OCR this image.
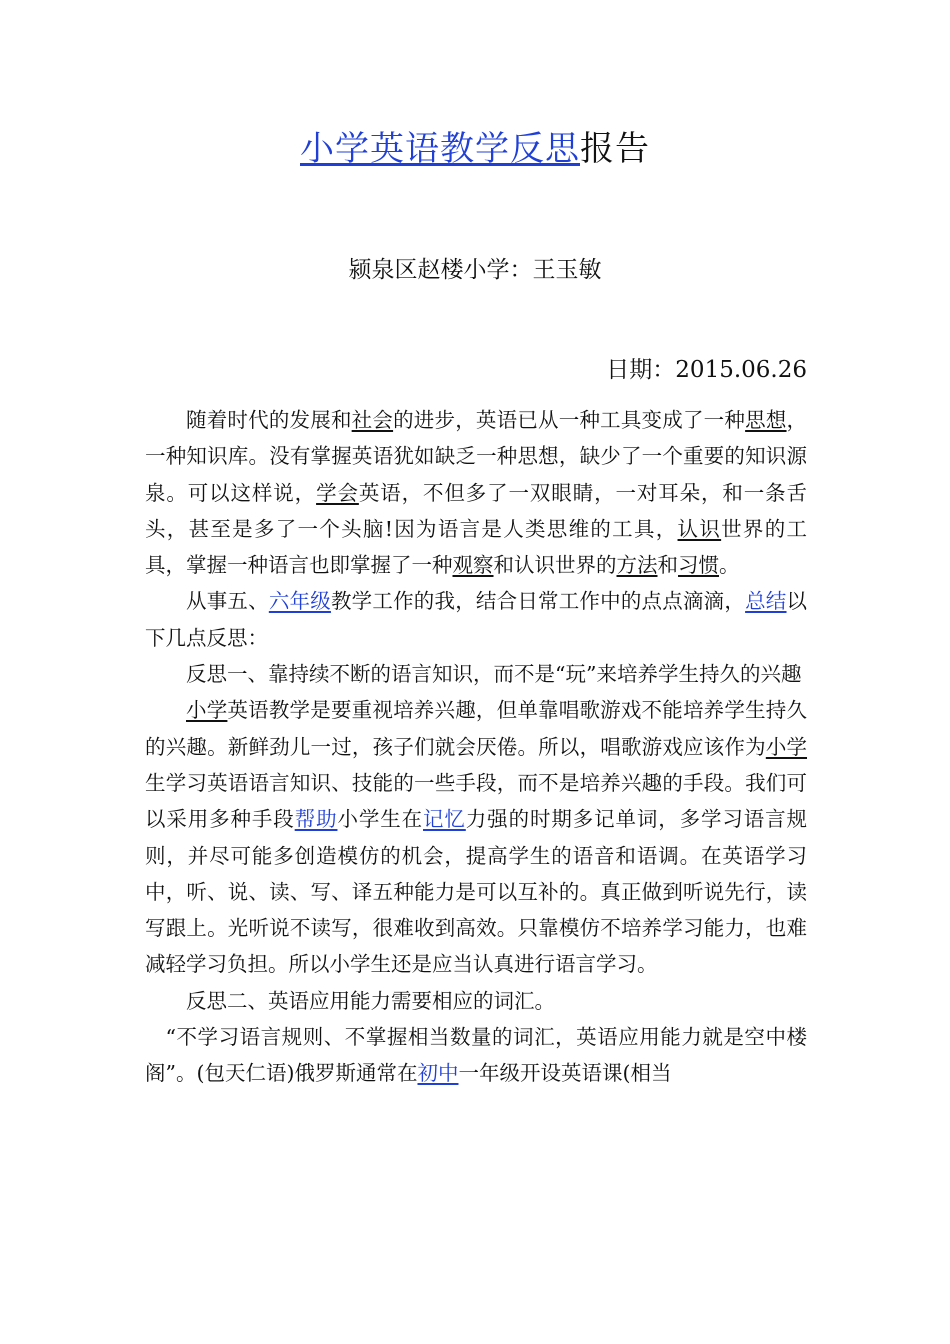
小学英语教学反思报告
颍泉区赵楼小学：王玉敏
日期：2015.06.26

随着时代的发展和社会的进步，英语已从一种工具变成了一种思想，一种知识库。没有掌握英语犹如缺乏一种思想，缺少了一个重要的知识源泉。可以这样说，学会英语，不但多了一双眼睛，一对耳朵，和一条舌头，甚至是多了一个头脑!因为语言是人类思维的工具，认识世界的工具，掌握一种语言也即掌握了一种观察和认识世界的方法和习惯。

从事五、六年级教学工作的我，结合日常工作中的点点滴滴，总结以下几点反思：

反思一、靠持续不断的语言知识，而不是“玩”来培养学生持久的兴趣

小学英语教学是要重视培养兴趣，但单靠唱歌游戏不能培养学生持久的兴趣。新鲜劲儿一过，孩子们就会厌倦。所以，唱歌游戏应该作为小学生学习英语语言知识、技能的一些手段，而不是培养兴趣的手段。我们可以采用多种手段帮助小学生在记忆力强的时期多记单词，多学习语言规则，并尽可能多创造模仿的机会，提高学生的语音和语调。在英语学习中，听、说、读、写、译五种能力是可以互补的。真正做到听说先行，读写跟上。光听说不读写，很难收到高效。只靠模仿不培养学习能力，也难减轻学习负担。所以小学生还是应当认真进行语言学习。

反思二、英语应用能力需要相应的词汇。

“不学习语言规则、不掌握相当数量的词汇，英语应用能力就是空中楼阁”。(包天仁语)俄罗斯通常在初中一年级开设英语课(相当
